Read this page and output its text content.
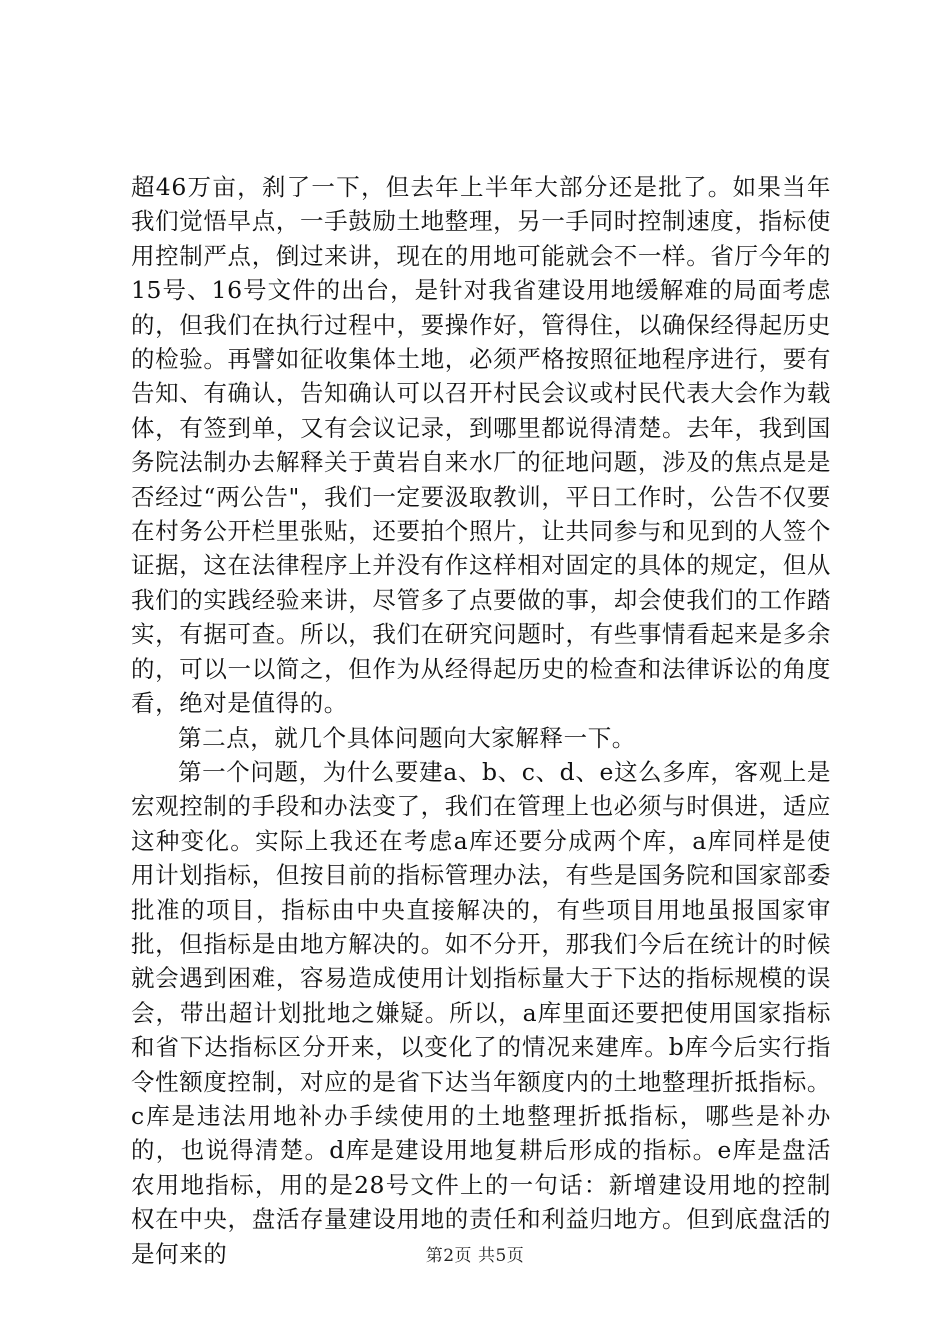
超46万亩，刹了一下，但去年上半年大部分还是批了。如果当年我们觉悟早点，一手鼓励土地整理，另一手同时控制速度，指标使用控制严点，倒过来讲，现在的用地可能就会不一样。省厅今年的15号、16号文件的出台，是针对我省建设用地缓解难的局面考虑的，但我们在执行过程中，要操作好，管得住，以确保经得起历史的检验。再譬如征收集体土地，必须严格按照征地程序进行，要有告知、有确认，告知确认可以召开村民会议或村民代表大会作为载体，有签到单，又有会议记录，到哪里都说得清楚。去年，我到国务院法制办去解释关于黄岩自来水厂的征地问题，涉及的焦点是是否经过“两公告"，我们一定要汲取教训，平日工作时，公告不仅要在村务公开栏里张贴，还要拍个照片，让共同参与和见到的人签个证据，这在法律程序上并没有作这样相对固定的具体的规定，但从我们的实践经验来讲，尽管多了点要做的事，却会使我们的工作踏实，有据可查。所以，我们在研究问题时，有些事情看起来是多余的，可以一以简之，但作为从经得起历史的检查和法律诉讼的角度看，绝对是值得的。

第二点，就几个具体问题向大家解释一下。

第一个问题，为什么要建a、b、c、d、e这么多库，客观上是宏观控制的手段和办法变了，我们在管理上也必须与时俱进，适应这种变化。实际上我还在考虑a库还要分成两个库，a库同样是使用计划指标，但按目前的指标管理办法，有些是国务院和国家部委批准的项目，指标由中央直接解决的，有些项目用地虽报国家审批，但指标是由地方解决的。如不分开，那我们今后在统计的时候就会遇到困难，容易造成使用计划指标量大于下达的指标规模的误会，带出超计划批地之嫌疑。所以，a库里面还要把使用国家指标和省下达指标区分开来，以变化了的情况来建库。b库今后实行指令性额度控制，对应的是省下达当年额度内的土地整理折抵指标。c库是违法用地补办手续使用的土地整理折抵指标，哪些是补办的，也说得清楚。d库是建设用地复耕后形成的指标。e库是盘活农用地指标，用的是28号文件上的一句话：新增建设用地的控制权在中央，盘活存量建设用地的责任和利益归地方。但到底盘活的是何来的	第2页 共5页
